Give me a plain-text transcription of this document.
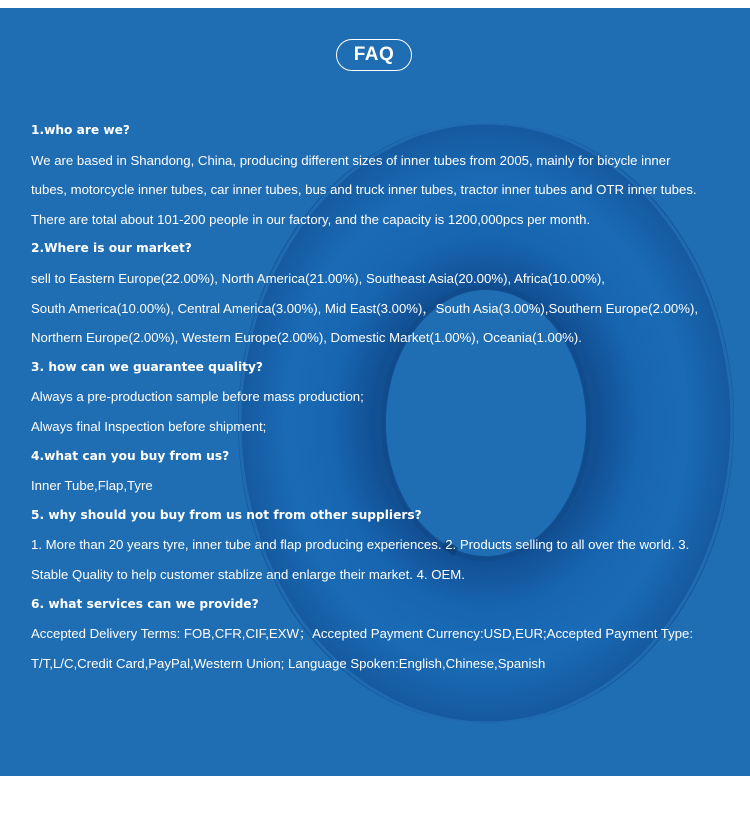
FAQ
1.who are we?
We are based in Shandong, China, producing different sizes of inner tubes from 2005, mainly for bicycle inner
tubes, motorcycle inner tubes, car inner tubes, bus and truck inner tubes, tractor inner tubes and OTR inner tubes.
There are total about 101-200 people in our factory, and the capacity is 1200,000pcs per month.
2.Where is our market?
sell to Eastern Europe(22.00%), North America(21.00%), Southeast Asia(20.00%), Africa(10.00%),
South America(10.00%), Central America(3.00%), Mid East(3.00%)，South Asia(3.00%),Southern Europe(2.00%),
Northern Europe(2.00%), Western Europe(2.00%), Domestic Market(1.00%), Oceania(1.00%).
3. how can we guarantee quality?
Always a pre-production sample before mass production;
Always final Inspection before shipment;
4.what can you buy from us?
Inner Tube,Flap,Tyre
5. why should you buy from us not from other suppliers?
1. More than 20 years tyre, inner tube and flap producing experiences. 2. Products selling to all over the world. 3.
Stable Quality to help customer stablize and enlarge their market. 4. OEM.
6. what services can we provide?
Accepted Delivery Terms: FOB,CFR,CIF,EXW；Accepted Payment Currency:USD,EUR;Accepted Payment Type:
T/T,L/C,Credit Card,PayPal,Western Union; Language Spoken:English,Chinese,Spanish
